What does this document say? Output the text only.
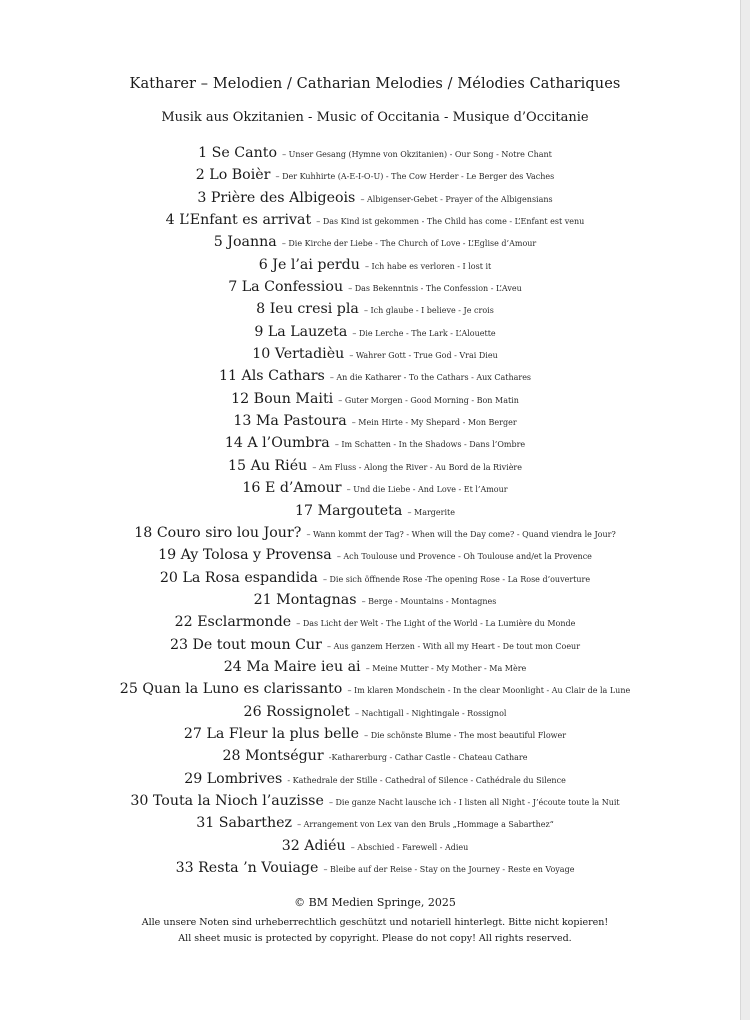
Katharer – Melodien / Catharian Melodies / Mélodies Cathariques
Musik aus Okzitanien - Music of Occitania - Musique d’Occitanie
1 Se Canto – Unser Gesang (Hymne von Okzitanien) - Our Song - Notre Chant
2 Lo Boièr – Der Kuhhirte (A-E-I-O-U) - The Cow Herder - Le Berger des Vaches
3 Prière des Albigeois – Albigenser-Gebet - Prayer of the Albigensians
4 L’Enfant es arrivat – Das Kind ist gekommen - The Child has come - L’Enfant est venu
5 Joanna – Die Kirche der Liebe - The Church of Love - L’Eglise d’Amour
6 Je l’ai perdu – Ich habe es verloren - I lost it
7 La Confessiou – Das Bekenntnis - The Confession - L’Aveu
8 Ieu cresi pla – Ich glaube - I believe - Je crois
9 La Lauzeta – Die Lerche - The Lark - L’Alouette
10 Vertadièu – Wahrer Gott - True God - Vrai Dieu
11 Als Cathars – An die Katharer - To the Cathars - Aux Cathares
12 Boun Maiti – Guter Morgen - Good Morning - Bon Matin
13 Ma Pastoura – Mein Hirte - My Shepard - Mon Berger
14 A l’Oumbra – Im Schatten - In the Shadows - Dans l’Ombre
15 Au Riéu – Am Fluss - Along the River - Au Bord de la Rivière
16 E d’Amour – Und die Liebe - And Love - Et l’Amour
17 Margouteta – Margerite
18 Couro siro lou Jour? – Wann kommt der Tag? - When will the Day come? - Quand viendra le Jour?
19 Ay Tolosa y Provensa – Ach Toulouse und Provence - Oh Toulouse and/et la Provence
20 La Rosa espandida – Die sich öffnende Rose -The opening Rose - La Rose d’ouverture
21 Montagnas – Berge - Mountains - Montagnes
22 Esclarmonde – Das Licht der Welt - The Light of the World - La Lumière du Monde
23 De tout moun Cur – Aus ganzem Herzen - With all my Heart - De tout mon Coeur
24 Ma Maire ieu ai – Meine Mutter - My Mother - Ma Mère
25 Quan la Luno es clarissanto – Im klaren Mondschein - In the clear Moonlight - Au Clair de la Lune
26 Rossignolet – Nachtigall - Nightingale - Rossignol
27 La Fleur la plus belle – Die schönste Blume - The most beautiful Flower
28 Montségur -Katharerburg - Cathar Castle - Chateau Cathare
29 Lombrives - Kathedrale der Stille - Cathedral of Silence - Cathédrale du Silence
30 Touta la Nioch l’auzisse – Die ganze Nacht lausche ich - I listen all Night - J’écoute toute la Nuit
31 Sabarthez – Arrangement von Lex van den Bruls „Hommage a Sabarthez“
32 Adiéu – Abschied - Farewell - Adieu
33 Resta ’n Vouiage – Bleibe auf der Reise - Stay on the Journey - Reste en Voyage
© BM Medien Springe, 2025
Alle unsere Noten sind urheberrechtlich geschützt und notariell hinterlegt. Bitte nicht kopieren!
All sheet music is protected by copyright. Please do not copy! All rights reserved.
